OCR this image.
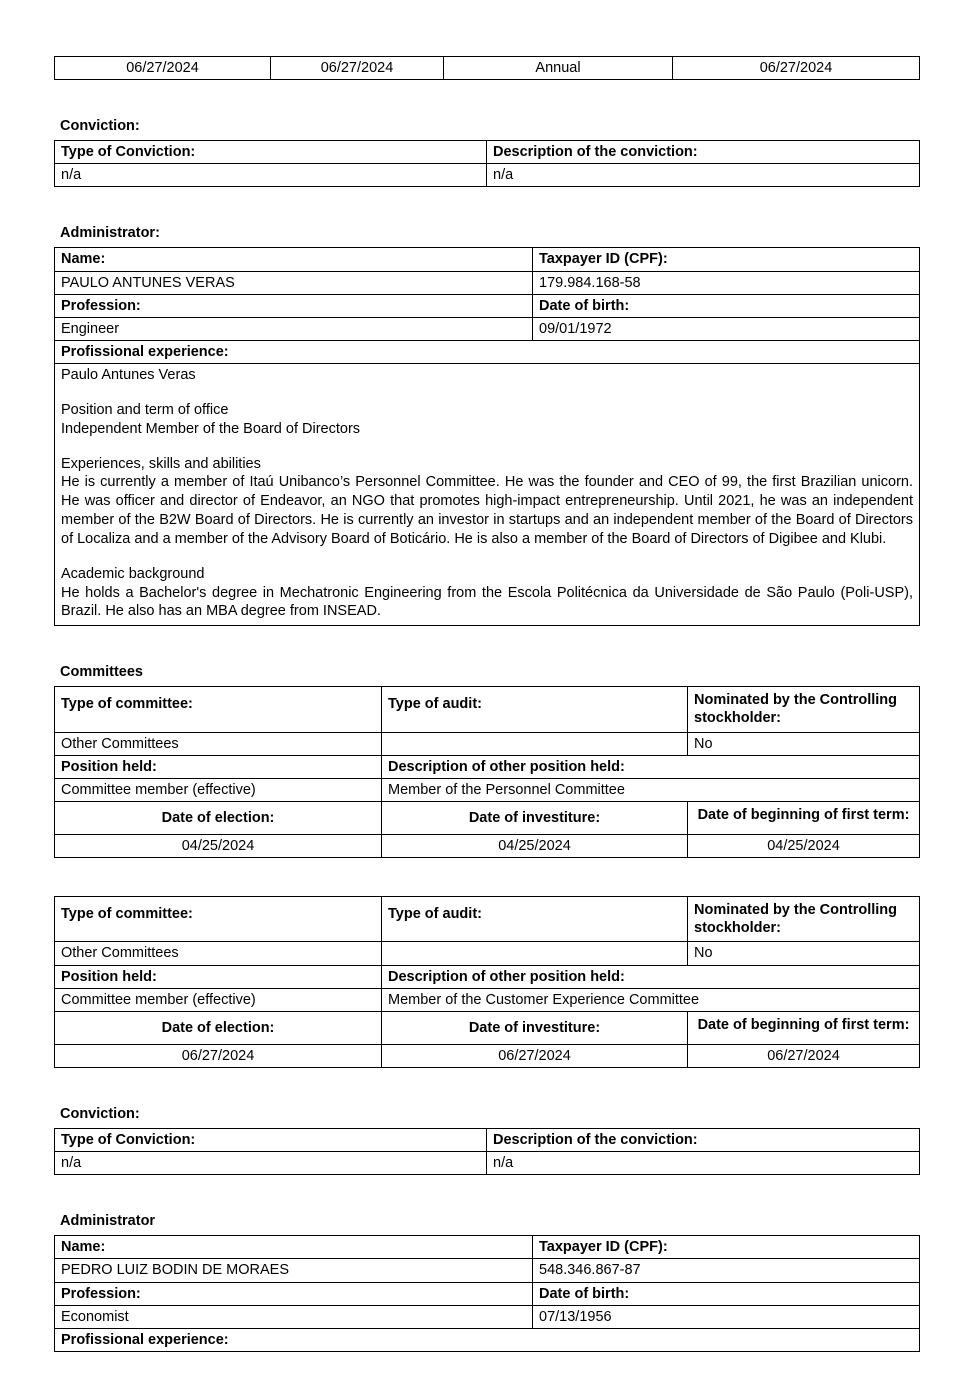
06/27/2024	06/27/2024	Annual	06/27/2024
Conviction:
Type of Conviction:	Description of the conviction:
n/a	n/a
Administrator:
Name:	Taxpayer ID (CPF):
PAULO ANTUNES VERAS	179.984.168-58
Profession:	Date of birth:
Engineer	09/01/1972
Profissional experience:	

Paulo Antunes Veras

Position and term of office

Independent Member of the Board of Directors

Experiences, skills and abilities

He is currently a member of Itaú Unibanco’s Personnel Committee. He was the founder and CEO of 99, the first Brazilian unicorn. He was officer and director of Endeavor, an NGO that promotes high-impact entrepreneurship. Until 2021, he was an independent member of the B2W Board of Directors. He is currently an investor in startups and an independent member of the Board of Directors of Localiza and a member of the Advisory Board of Boticário. He is also a member of the Board of Directors of Digibee and Klubi.

Academic background

He holds a Bachelor's degree in Mechatronic Engineering from the Escola Politécnica da Universidade de São Paulo (Poli-USP), Brazil. He also has an MBA degree from INSEAD.

Committees
Type of committee:	Type of audit:	Nominated by the Controlling stockholder:
Other Committees		No
Position held:	Description of other position held:	
Committee member (effective)	Member of the Personnel Committee	
Date of election:	Date of investiture:	Date of beginning of first term:
04/25/2024	04/25/2024	04/25/2024
Type of committee:	Type of audit:	Nominated by the Controlling stockholder:
Other Committees		No
Position held:	Description of other position held:	
Committee member (effective)	Member of the Customer Experience Committee	
Date of election:	Date of investiture:	Date of beginning of first term:
06/27/2024	06/27/2024	06/27/2024
Conviction:
Type of Conviction:	Description of the conviction:
n/a	n/a
Administrator
Name:	Taxpayer ID (CPF):
PEDRO LUIZ BODIN DE MORAES	548.346.867-87
Profession:	Date of birth:
Economist	07/13/1956
Profissional experience:	
